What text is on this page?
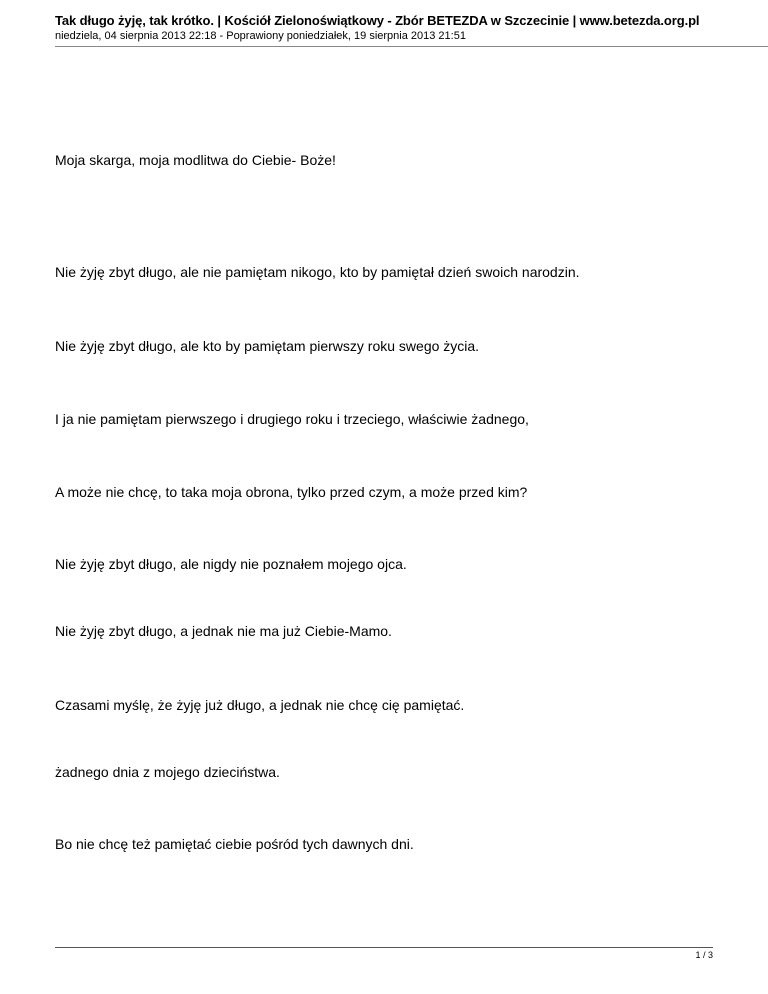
Tak długo żyję, tak krótko. | Kościół Zielonoświątkowy - Zbór BETEZDA w Szczecinie | www.betezda.org.pl
niedziela, 04 sierpnia 2013 22:18 - Poprawiony poniedziałek, 19 sierpnia 2013 21:51
Moja skarga, moja modlitwa do Ciebie- Boże!
Nie żyję zbyt długo, ale nie pamiętam nikogo, kto by pamiętał dzień swoich narodzin.
Nie żyję zbyt długo, ale kto by pamiętam pierwszy roku swego życia.
I ja nie pamiętam pierwszego i drugiego roku i trzeciego, właściwie żadnego,
A może nie chcę, to taka moja obrona, tylko przed czym, a może przed kim?
Nie żyję zbyt długo, ale nigdy nie poznałem mojego ojca.
Nie żyję zbyt długo, a jednak nie ma już Ciebie-Mamo.
Czasami myślę, że żyję już długo, a jednak nie chcę cię pamiętać.
żadnego dnia z mojego dzieciństwa.
Bo nie chcę też pamiętać ciebie pośród tych dawnych dni.
1 / 3
